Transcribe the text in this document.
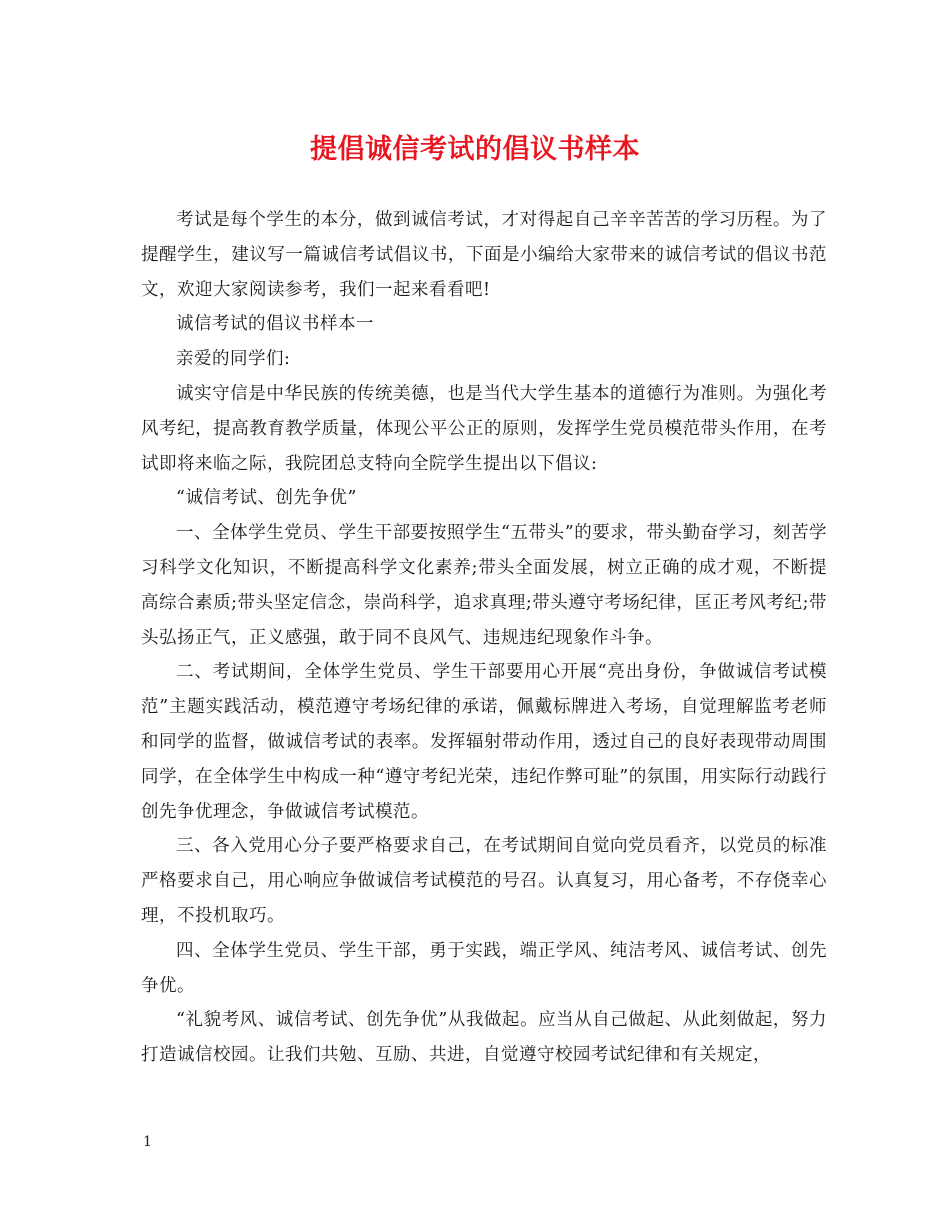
提倡诚信考试的倡议书样本

考试是每个学生的本分，做到诚信考试，才对得起自己辛辛苦苦的学习历程。为了提醒学生，建议写一篇诚信考试倡议书，下面是小编给大家带来的诚信考试的倡议书范文，欢迎大家阅读参考，我们一起来看看吧!

诚信考试的倡议书样本一

亲爱的同学们:

诚实守信是中华民族的传统美德，也是当代大学生基本的道德行为准则。为强化考风考纪，提高教育教学质量，体现公平公正的原则，发挥学生党员模范带头作用，在考试即将来临之际，我院团总支特向全院学生提出以下倡议:

“诚信考试、创先争优”

一、全体学生党员、学生干部要按照学生“五带头”的要求，带头勤奋学习，刻苦学习科学文化知识，不断提高科学文化素养;带头全面发展，树立正确的成才观，不断提高综合素质;带头坚定信念，崇尚科学，追求真理;带头遵守考场纪律，匡正考风考纪;带头弘扬正气，正义感强，敢于同不良风气、违规违纪现象作斗争。

二、考试期间，全体学生党员、学生干部要用心开展“亮出身份，争做诚信考试模范”主题实践活动，模范遵守考场纪律的承诺，佩戴标牌进入考场，自觉理解监考老师和同学的监督，做诚信考试的表率。发挥辐射带动作用，透过自己的良好表现带动周围同学，在全体学生中构成一种“遵守考纪光荣，违纪作弊可耻”的氛围，用实际行动践行创先争优理念，争做诚信考试模范。

三、各入党用心分子要严格要求自己，在考试期间自觉向党员看齐，以党员的标准严格要求自己，用心响应争做诚信考试模范的号召。认真复习，用心备考，不存侥幸心理，不投机取巧。

四、全体学生党员、学生干部，勇于实践，端正学风、纯洁考风、诚信考试、创先争优。

“礼貌考风、诚信考试、创先争优”从我做起。应当从自己做起、从此刻做起，努力打造诚信校园。让我们共勉、互励、共进，自觉遵守校园考试纪律和有关规定，

1
